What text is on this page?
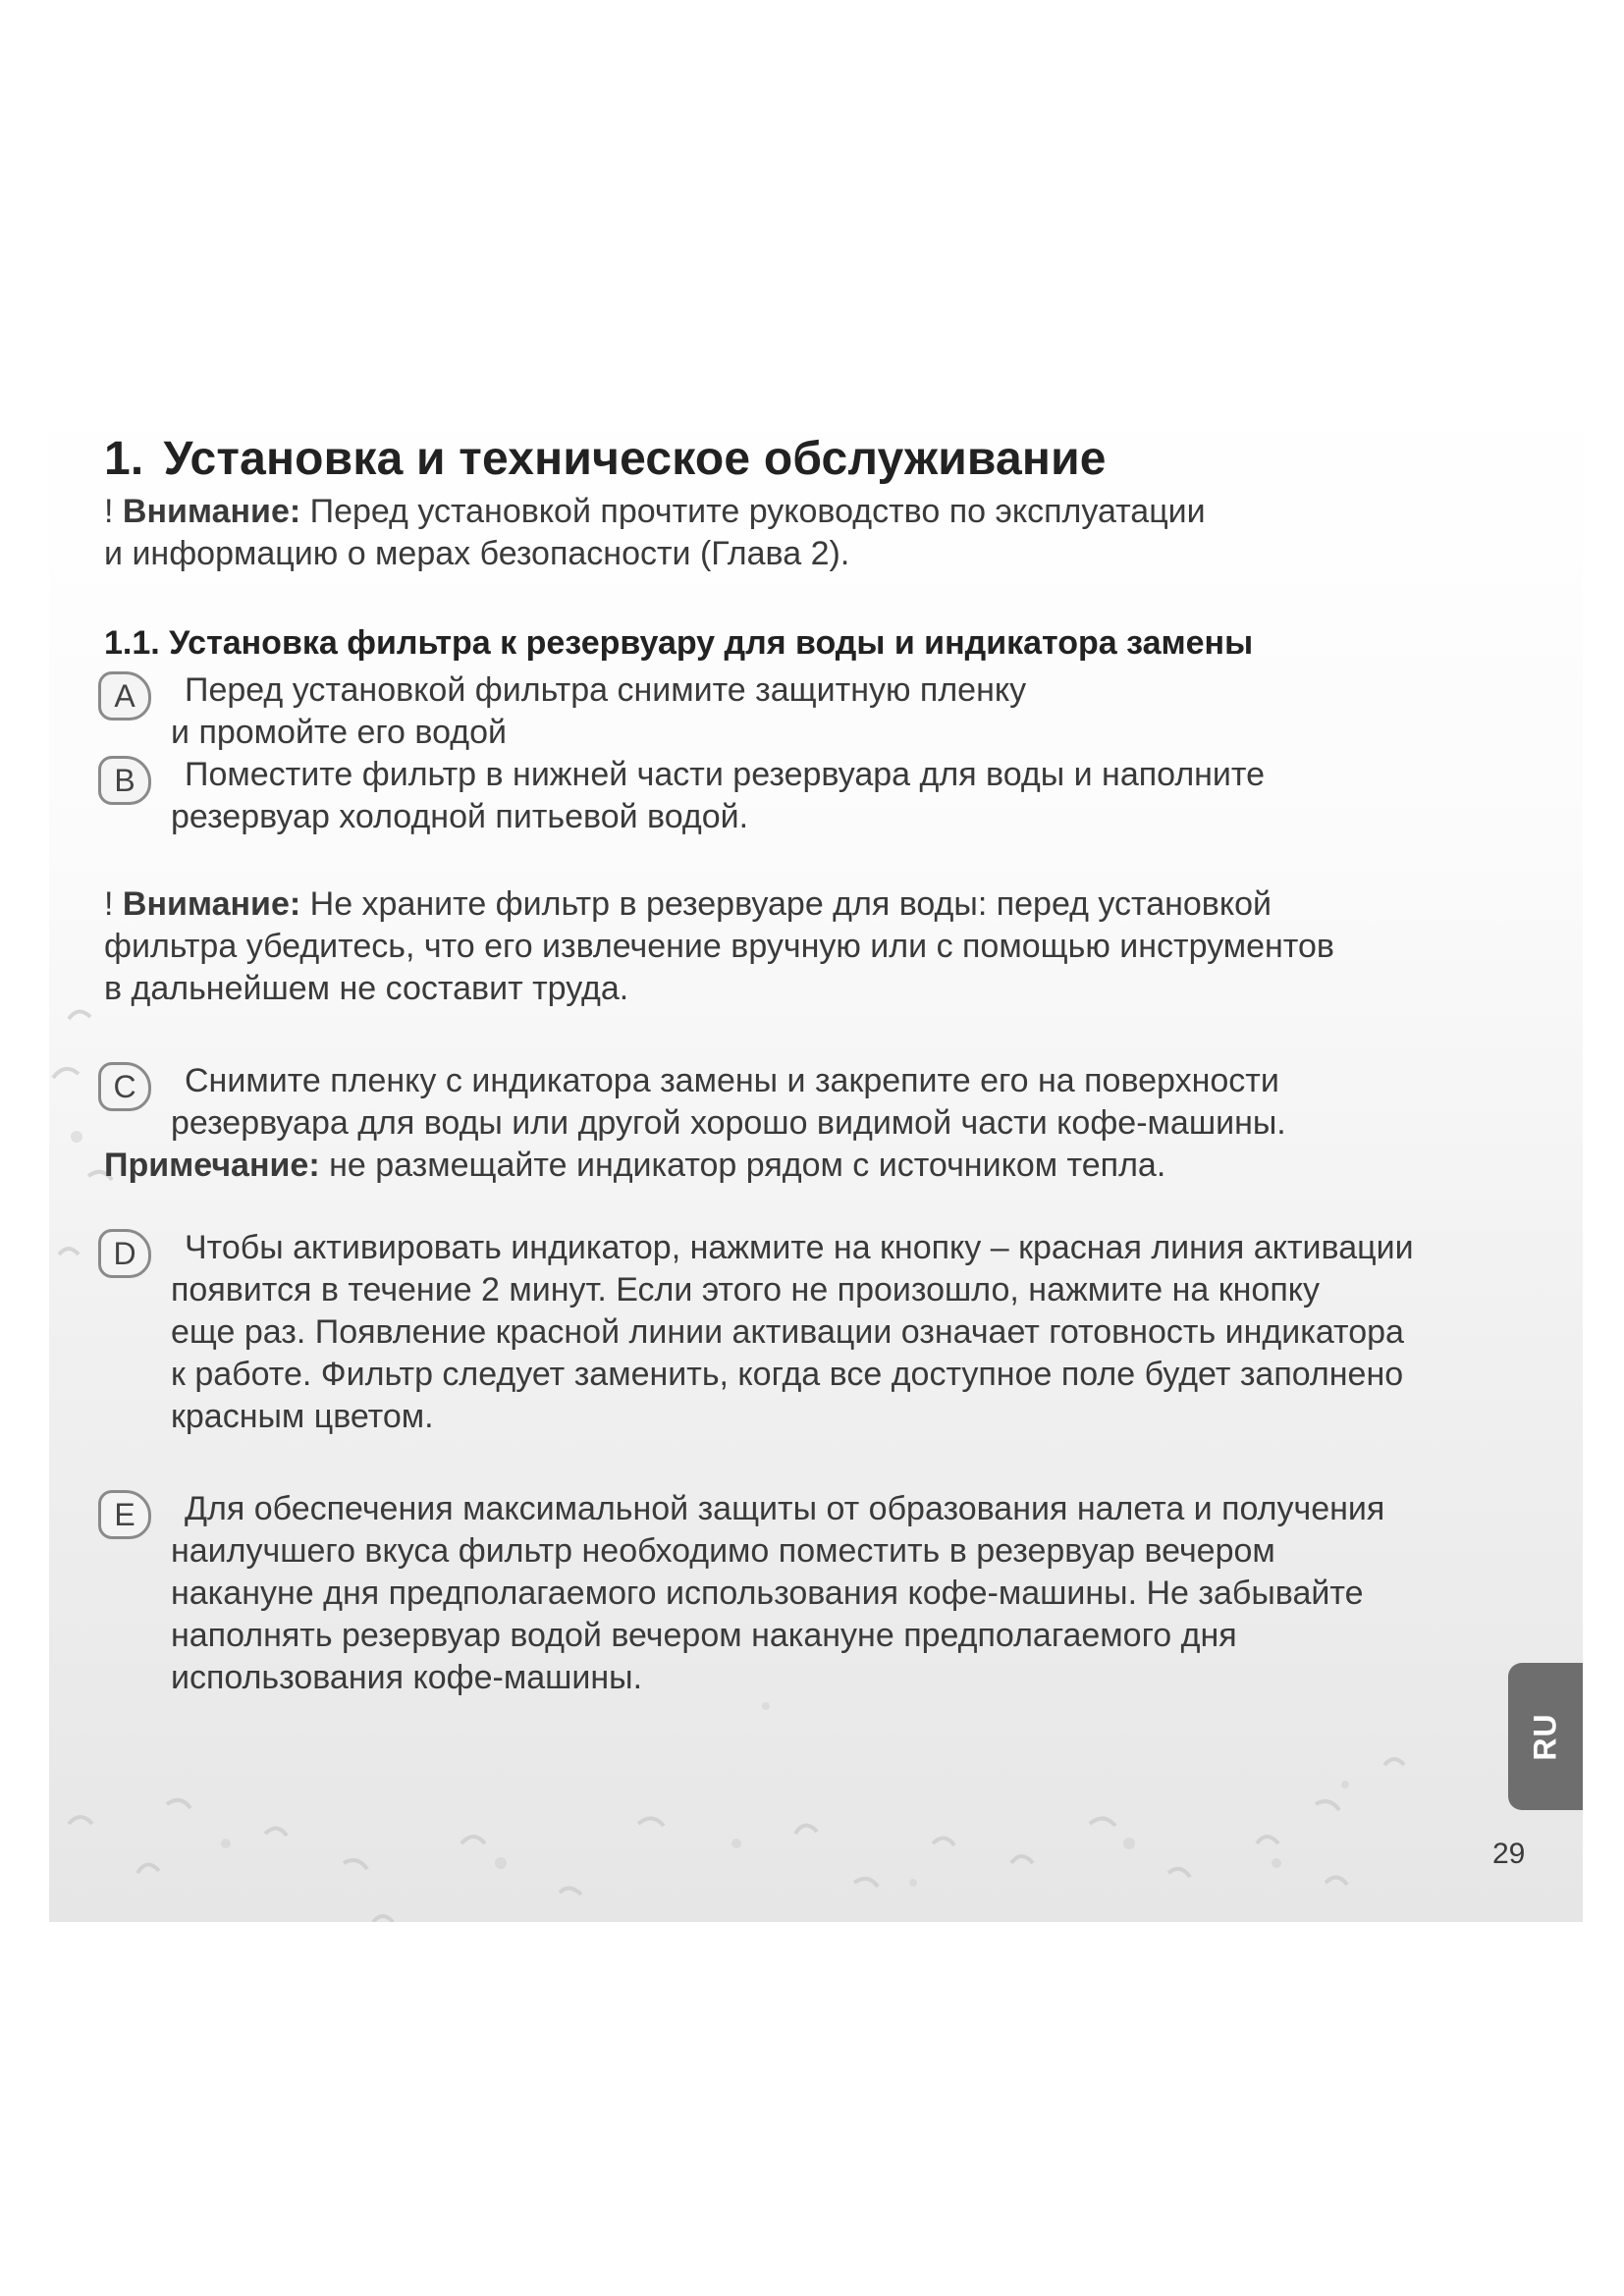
1. Установка и техническое обслуживание

! Внимание: Перед установкой прочтите руководство по эксплуатации
и информацию о мерах безопасности (Глава 2).

1.1. Установка фильтра к резервуару для воды и индикатора замены
A	Перед установкой фильтра снимите защитную пленку
и промойте его водой

B	Поместите фильтр в нижней части резервуара для воды и наполните
резервуар холодной питьевой водой.

! Внимание: Не храните фильтр в резервуаре для воды: перед установкой
фильтра убедитесь, что его извлечение вручную или с помощью инструментов
в дальнейшем не составит труда.

C	Снимите пленку с индикатора замены и закрепите его на поверхности
резервуара для воды или другой хорошо видимой части кофе-машины.

Примечание: не размещайте индикатор рядом с источником тепла.

D	Чтобы активировать индикатор, нажмите на кнопку – красная линия активации
появится в течение 2 минут. Если этого не произошло, нажмите на кнопку
еще раз. Появление красной линии активации означает готовность индикатора
к работе. Фильтр следует заменить, когда все доступное поле будет заполнено
красным цветом.

E	Для обеспечения максимальной защиты от образования налета и получения
наилучшего вкуса фильтр необходимо поместить в резервуар вечером
накануне дня предполагаемого использования кофе-машины. Не забывайте
наполнять резервуар водой вечером накануне предполагаемого дня
использования кофе-машины.

RU
29
